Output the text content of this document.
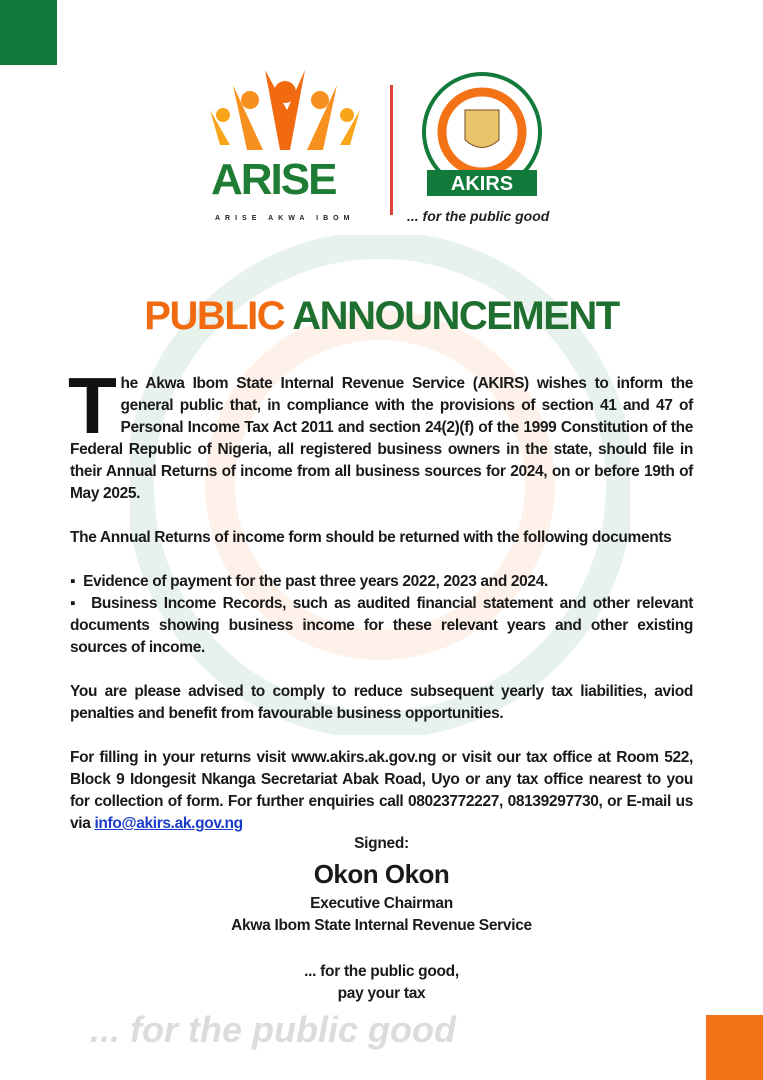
... for the public good
ARISE
ARISE AKWA IBOM
AKIRS
... for the public good
PUBLIC ANNOUNCEMENT

The Akwa Ibom State Internal Revenue Service (AKIRS) wishes to inform the general public that, in compliance with the provisions of section 41 and 47 of Personal Income Tax Act 2011 and section 24(2)(f) of the 1999 Constitution of the Federal Republic of Nigeria, all registered business owners in the state, should file in their Annual Returns of income from all business sources for 2024, on or before 19th of May 2025.

The Annual Returns of income form should be returned with the following documents

▪  Evidence of payment for the past three years 2022, 2023 and 2024.

▪  Business Income Records, such as audited financial statement and other relevant documents showing business income for these relevant years and other existing sources of income.

You are please advised to comply to reduce subsequent yearly tax liabilities, aviod penalties and benefit from favourable business opportunities.

For filling in your returns visit www.akirs.ak.gov.ng or visit our tax office at Room 522, Block 9 Idongesit Nkanga Secretariat Abak Road, Uyo or any tax office nearest to you for collection of form. For further enquiries call 08023772227, 08139297730, or E-mail us via info@akirs.ak.gov.ng

Signed:
Okon Okon
Executive Chairman
Akwa Ibom State Internal Revenue Service
... for the public good,
pay your tax
